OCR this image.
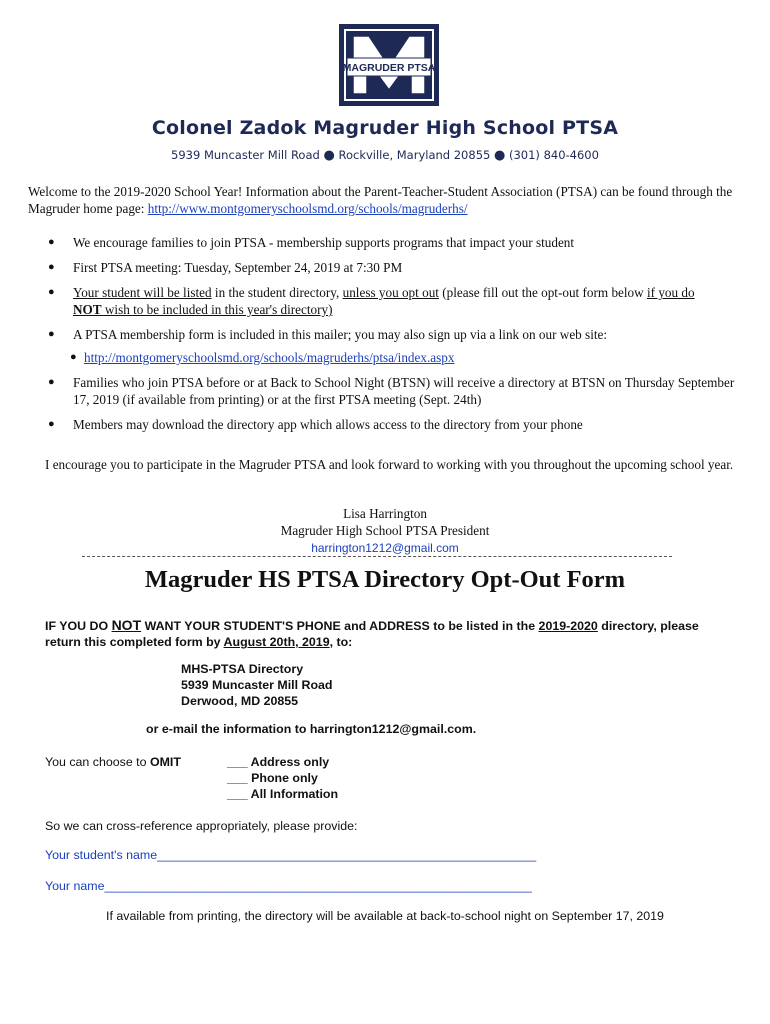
MAGRUDER PTSA
Colonel Zadok Magruder High School PTSA
5939 Muncaster Mill Road ● Rockville, Maryland 20855 ● (301) 840-4600
Welcome to the 2019-2020 School Year! Information about the Parent-Teacher-Student Association (PTSA) can be found through the Magruder home page: http://www.montgomeryschoolsmd.org/schools/magruderhs/
● We encourage families to join PTSA - membership supports programs that impact your student
● First PTSA meeting: Tuesday, September 24, 2019 at 7:30 PM
● Your student will be listed in the student directory, unless you opt out (please fill out the opt-out form below if you do
NOT wish to be included in this year's directory)
● A PTSA membership form is included in this mailer; you may also sign up via a link on our web site:
● http://montgomeryschoolsmd.org/schools/magruderhs/ptsa/index.aspx
● Families who join PTSA before or at Back to School Night (BTSN) will receive a directory at BTSN on Thursday September 17, 2019 (if available from printing) or at the first PTSA meeting (Sept. 24th)
● Members may download the directory app which allows access to the directory from your phone
I encourage you to participate in the Magruder PTSA and look forward to working with you throughout the upcoming school year.
Lisa Harrington
Magruder High School PTSA President
harrington1212@gmail.com
Magruder HS PTSA Directory Opt-Out Form
IF YOU DO NOT WANT YOUR STUDENT'S PHONE and ADDRESS to be listed in the 2019-2020 directory, please return this completed form by August 20th, 2019, to:
MHS-PTSA Directory
5939 Muncaster Mill Road
Derwood, MD 20855
or e-mail the information to harrington1212@gmail.com.
You can choose to OMIT	___ Address only
___ Phone only
___ All Information
So we can cross-reference appropriately, please provide:
Your student's name_______________________________________________________
Your name______________________________________________________________
If available from printing, the directory will be available at back-to-school night on September 17, 2019
